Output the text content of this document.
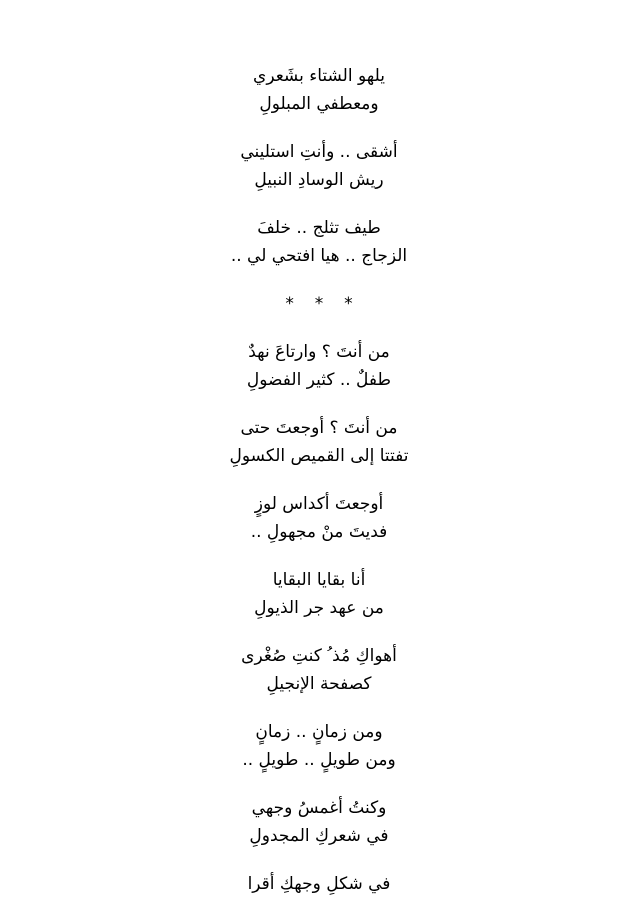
يلهو الشتاء بشَعري
ومعطفي المبلولِ
أشقى .. وأنتِ استليني
ريش الوسادِ النبيلِ
طيف تثلج .. خلفَ
الزجاج .. هيا افتحي لي ..
* * *
من أنتَ ؟ وارتاعَ نهدٌ
طفلٌ .. كثير الفضولِ
من أنتَ ؟ أوجعتَ حتى
تفتتا إلى القميص الكسولِ
أوجعتَ أكداس لوزٍ
فديتَ منْ مجهولِ ..
أنا بقايا البقايا
من عهد جر الذيولِ
أهواكِ مُذ ُ كنتِ صُغْرى
كصفحة الإنجيلِ
ومن زمانٍ .. زمانٍ
ومن طويلٍ .. طويلٍ ..
وكنتُ أغمسُ وجهي
في شعركِ المجدولِ
في شكلِ وجهكِ أقرا
